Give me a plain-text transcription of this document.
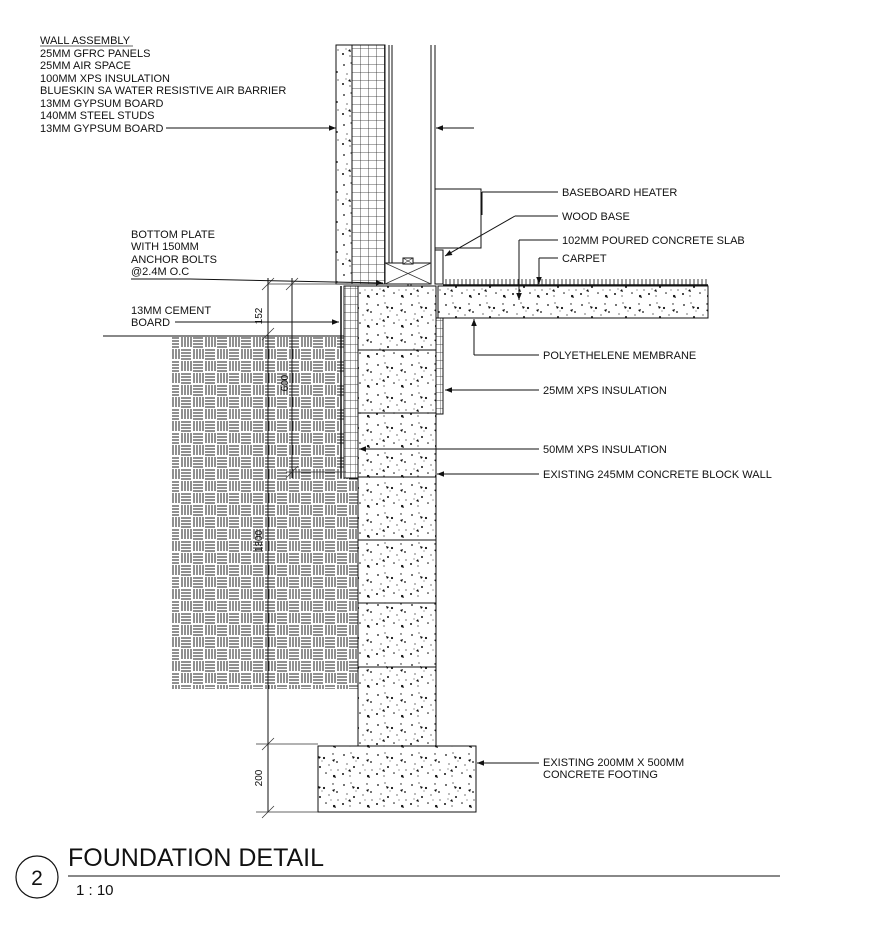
152
600
1300
200
WALL ASSEMBLY
25MM GFRC PANELS
25MM AIR SPACE
100MM XPS INSULATION
BLUESKIN SA WATER RESISTIVE AIR BARRIER
13MM GYPSUM BOARD
140MM STEEL STUDS
13MM GYPSUM BOARD
BOTTOM PLATE
WITH 150MM
ANCHOR BOLTS
@2.4M O.C
13MM CEMENT
BOARD
BASEBOARD HEATER
WOOD BASE
102MM POURED CONCRETE SLAB
CARPET
POLYETHELENE MEMBRANE
25MM XPS INSULATION
50MM XPS INSULATION
EXISTING 245MM CONCRETE BLOCK WALL
EXISTING 200MM X 500MM
CONCRETE FOOTING
2
FOUNDATION DETAIL
1 : 10
